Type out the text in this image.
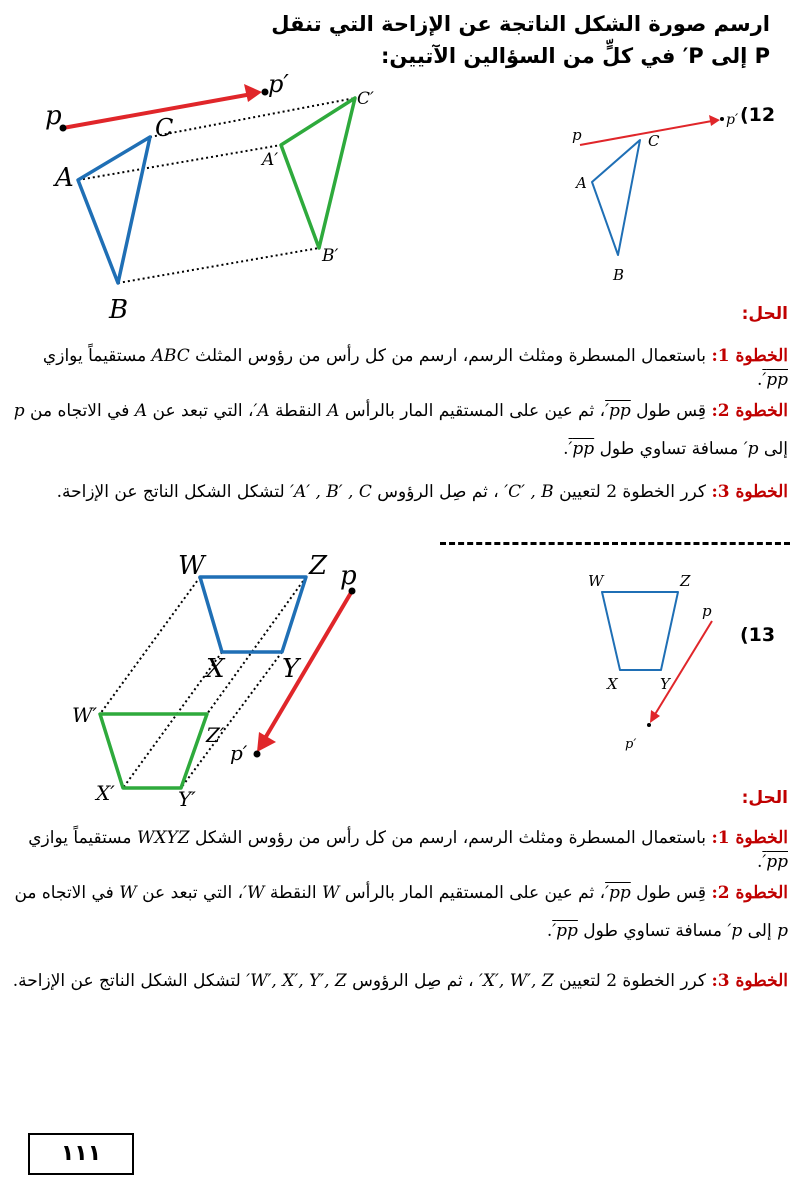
ارسم صورة الشكل الناتجة عن الإزاحة التي تنقل P إلى P′ في كلٍّ من السؤالين الآتيين:
p
p′
A
C
B
A′
C′
B′
p
p′
A
C
B
(12
الحل:
الخطوة 1: باستعمال المسطرة ومثلث الرسم، ارسم من كل رأس من رؤوس المثلث ABC مستقيماً يوازي pp′.
الخطوة 2: قِس طول pp′، ثم عين على المستقيم المار بالرأس A النقطة A′، التي تبعد عن A في الاتجاه من p إلى p′ مسافة تساوي طول pp′.
الخطوة 3: كرر الخطوة 2 لتعيين C′ , B′ ، ثم صِل الرؤوس A′ , B′ , C′ لتشكل الشكل الناتج عن الإزاحة.
W	Z p
X Y
W′
Z′
p′
X′	Y′
W	Z
p
X	Y
p′
(13
الحل:
الخطوة 1: باستعمال المسطرة ومثلث الرسم، ارسم من كل رأس من رؤوس الشكل WXYZ مستقيماً يوازي pp′.
الخطوة 2: قِس طول pp′، ثم عين على المستقيم المار بالرأس W النقطة W′، التي تبعد عن W في الاتجاه من p إلى p′ مسافة تساوي طول pp′.
الخطوة 3: كرر الخطوة 2 لتعيين X′, W′, Z′ ، ثم صِل الرؤوس W′, X′, Y′, Z′ لتشكل الشكل الناتج عن الإزاحة.
١١١
